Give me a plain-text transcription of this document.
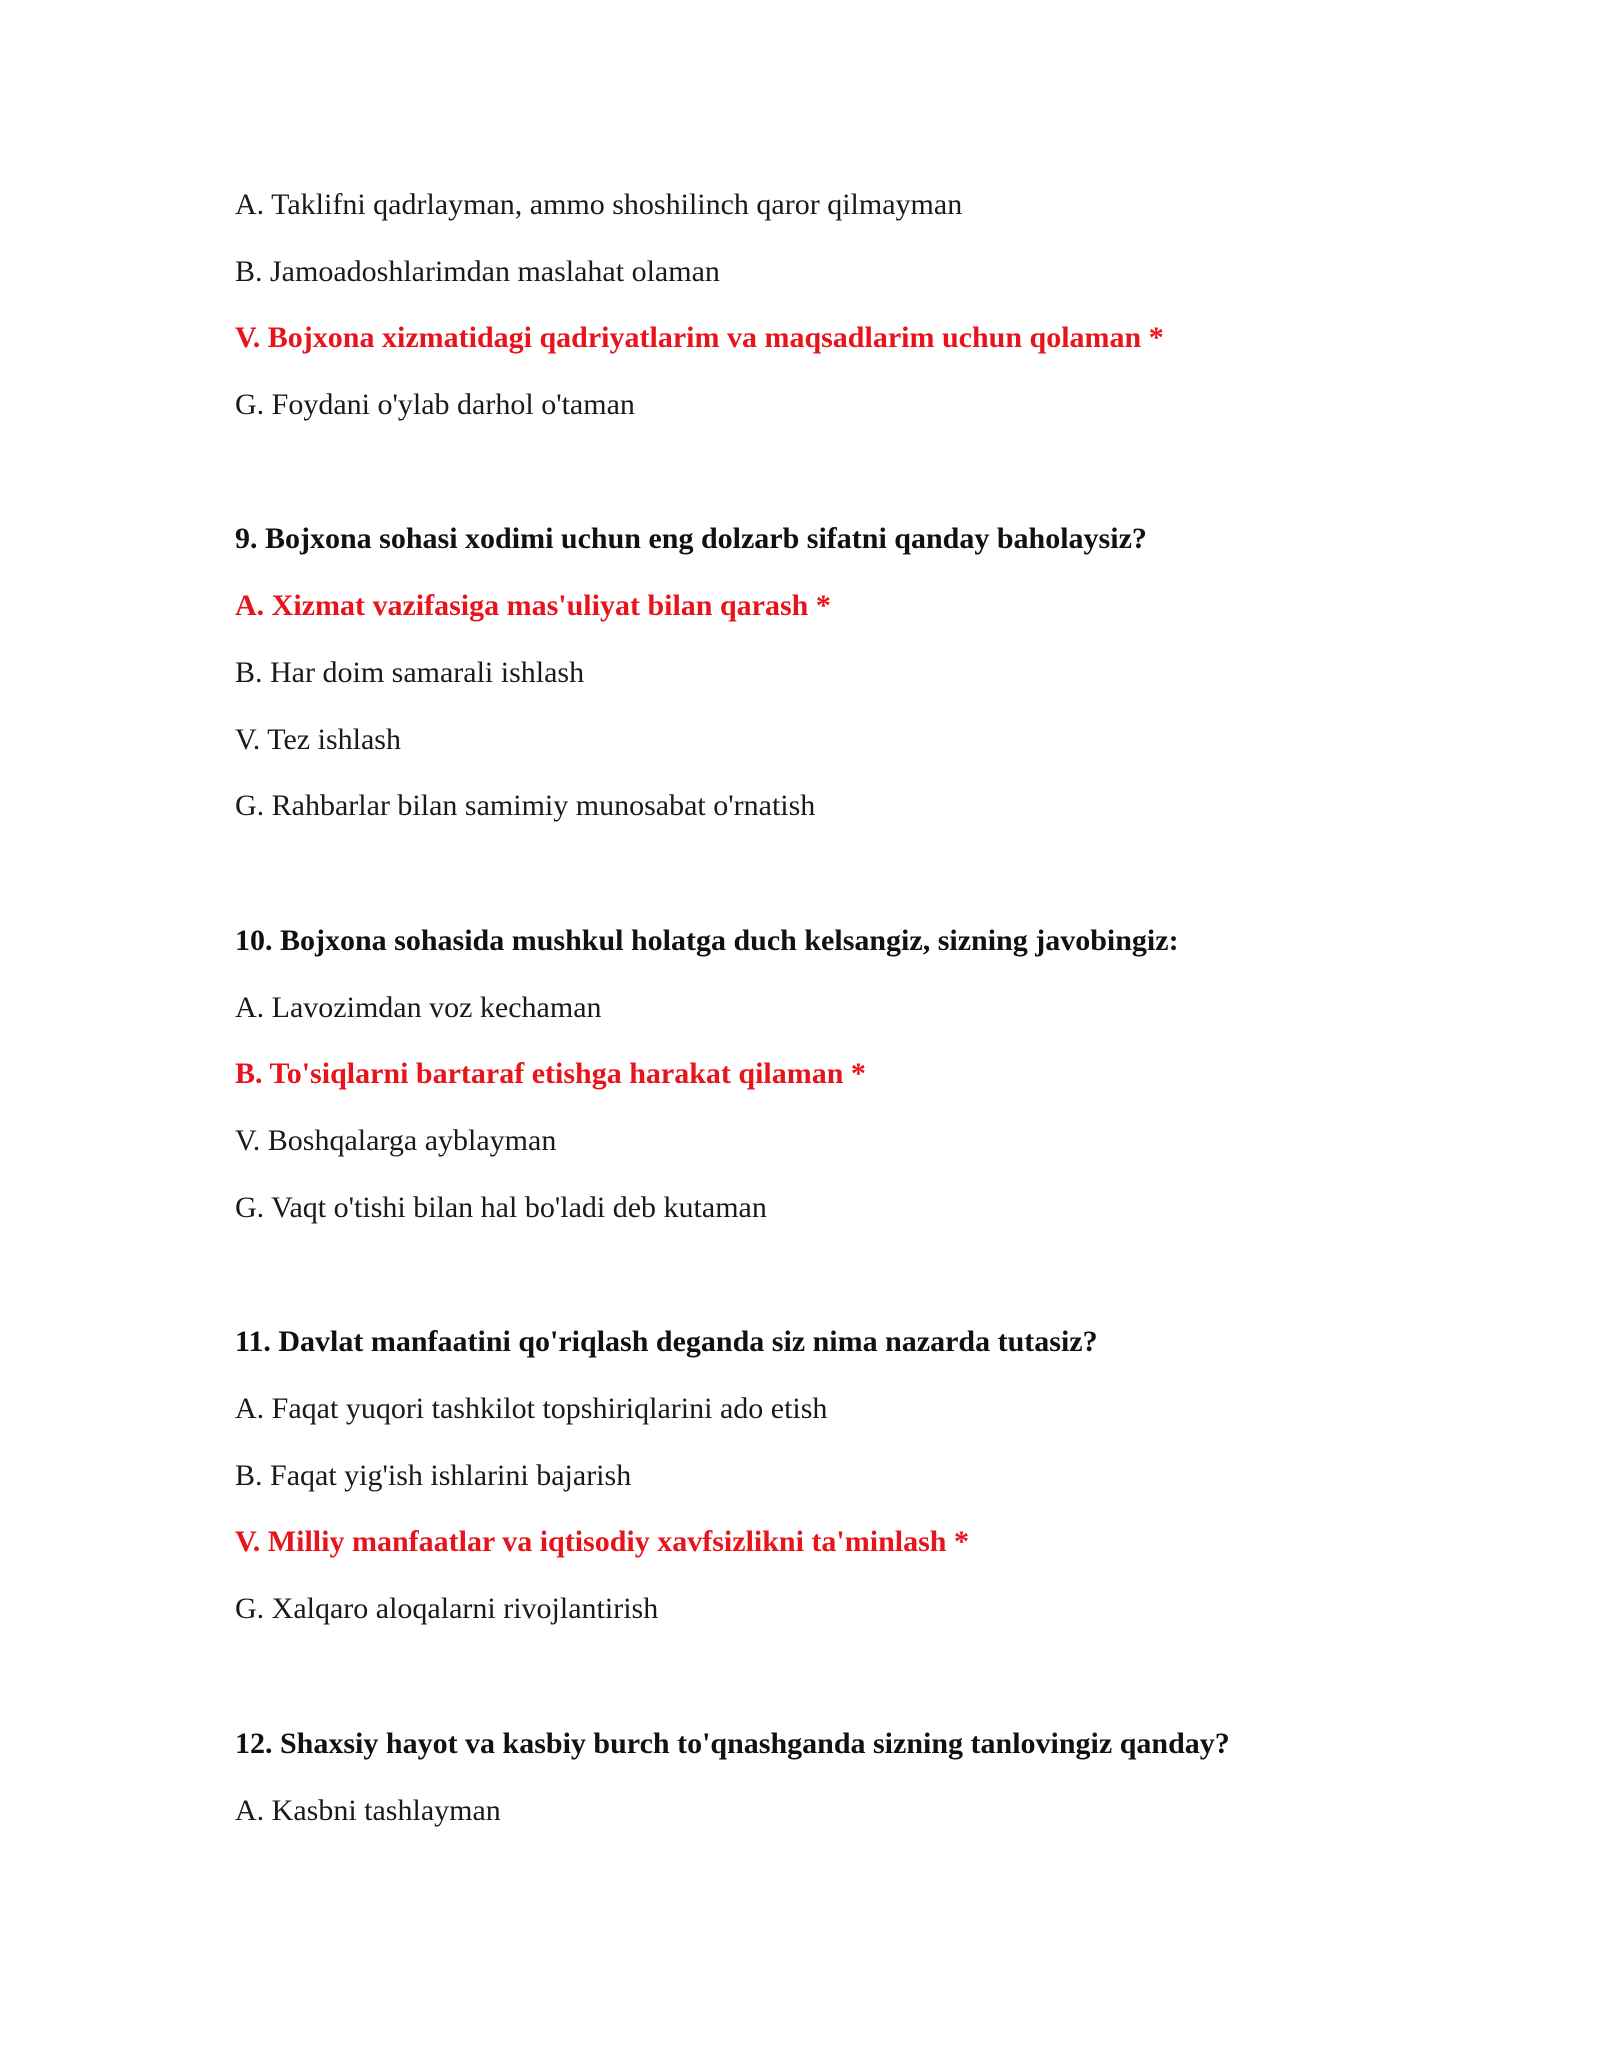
A. Taklifni qadrlayman, ammo shoshilinch qaror qilmayman
B. Jamoadoshlarimdan maslahat olaman
V. Bojxona xizmatidagi qadriyatlarim va maqsadlarim uchun qolaman *
G. Foydani o'ylab darhol o'taman
9. Bojxona sohasi xodimi uchun eng dolzarb sifatni qanday baholaysiz?
A. Xizmat vazifasiga mas'uliyat bilan qarash *
B. Har doim samarali ishlash
V. Tez ishlash
G. Rahbarlar bilan samimiy munosabat o'rnatish
10. Bojxona sohasida mushkul holatga duch kelsangiz, sizning javobingiz:
A. Lavozimdan voz kechaman
B. To'siqlarni bartaraf etishga harakat qilaman *
V. Boshqalarga ayblayman
G. Vaqt o'tishi bilan hal bo'ladi deb kutaman
11. Davlat manfaatini qo'riqlash deganda siz nima nazarda tutasiz?
A. Faqat yuqori tashkilot topshiriqlarini ado etish
B. Faqat yig'ish ishlarini bajarish
V. Milliy manfaatlar va iqtisodiy xavfsizlikni ta'minlash *
G. Xalqaro aloqalarni rivojlantirish
12. Shaxsiy hayot va kasbiy burch to'qnashganda sizning tanlovingiz qanday?
A. Kasbni tashlayman
